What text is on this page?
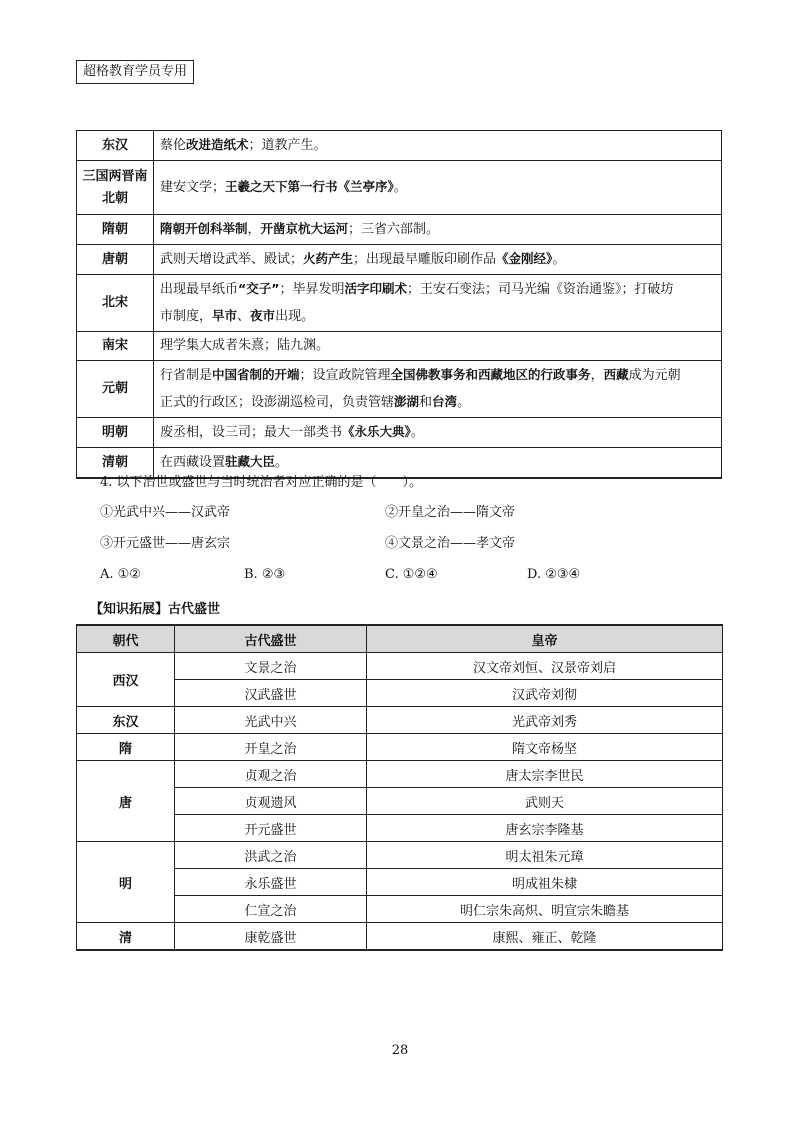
超格教育学员专用
东汉	蔡伦改进造纸术；道教产生。

三国两晋南北朝	建安文学；王羲之天下第一行书《兰亭序》。

隋朝	隋朝开创科举制，开凿京杭大运河；三省六部制。

唐朝	武则天增设武举、殿试；火药产生；出现最早雕版印刷作品《金刚经》。

北宋	出现最早纸币“交子”；毕昇发明活字印刷术；王安石变法；司马光编《资治通鉴》；打破坊
市制度，早市、夜市出现。

南宋	理学集大成者朱熹；陆九渊。

元朝	行省制是中国省制的开端；设宣政院管理全国佛教事务和西藏地区的行政事务，西藏成为元朝
正式的行政区；设澎湖巡检司，负责管辖澎湖和台湾。

明朝	废丞相，设三司；最大一部类书《永乐大典》。

清朝	在西藏设置驻藏大臣。
4. 以下治世或盛世与当时统治者对应正确的是（　　）。
①光武中兴——汉武帝	②开皇之治——隋文帝
③开元盛世——唐玄宗	④文景之治——孝文帝
A. ①②	B. ②③	C. ①②④	D. ②③④
【知识拓展】古代盛世
朝代	古代盛世	皇帝
西汉	文景之治	汉文帝刘恒、汉景帝刘启
	汉武盛世	汉武帝刘彻
东汉	光武中兴	光武帝刘秀
隋	开皇之治	隋文帝杨坚
唐	贞观之治	唐太宗李世民
	贞观遗风	武则天
	开元盛世	唐玄宗李隆基
明	洪武之治	明太祖朱元璋
	永乐盛世	明成祖朱棣
	仁宣之治	明仁宗朱高炽、明宣宗朱瞻基
清	康乾盛世	康熙、雍正、乾隆
28
